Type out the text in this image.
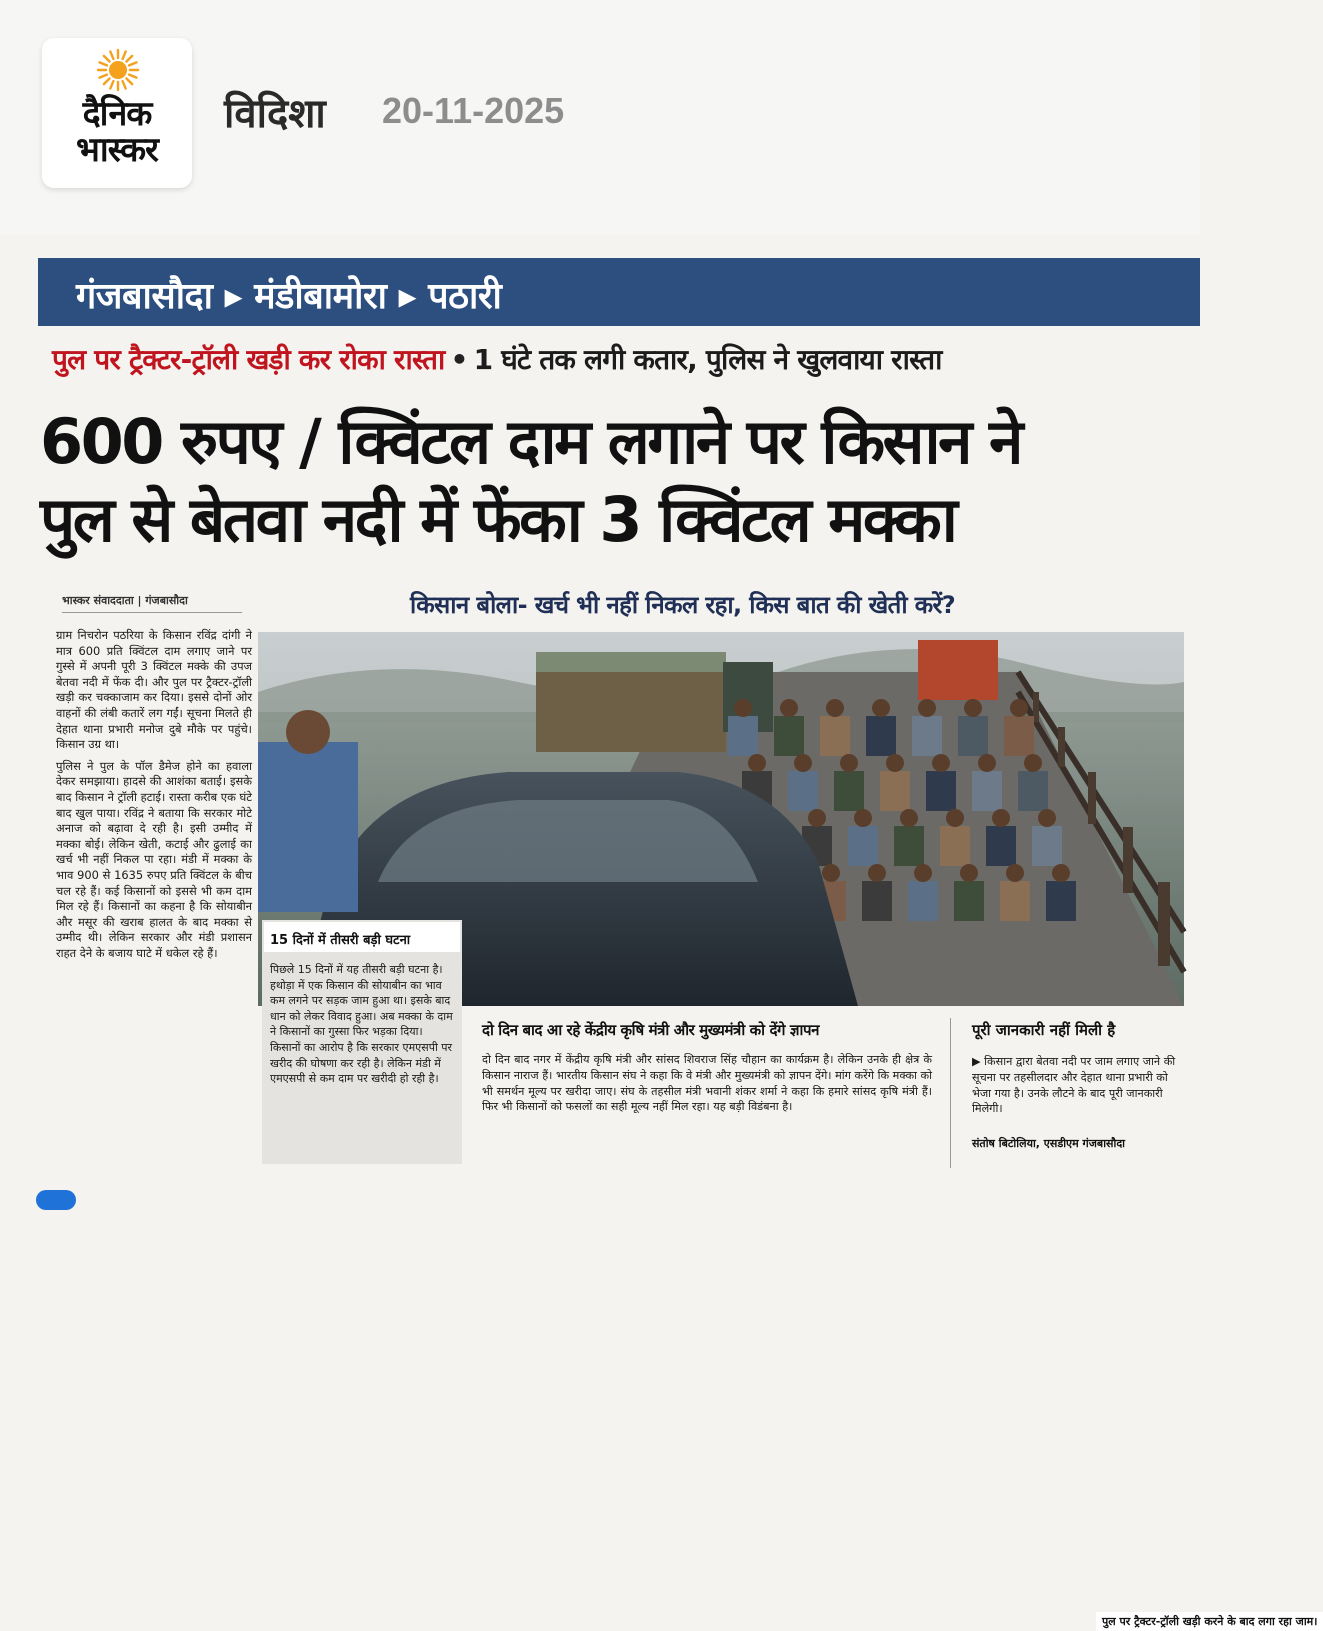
दैनिक
भास्कर
विदिशा 20-11-2025
गंजबासौदा ▸ मंडीबामोरा ▸ पठारी
पुल पर ट्रैक्टर-ट्रॉली खड़ी कर रोका रास्ता • 1 घंटे तक लगी कतार, पुलिस ने खुलवाया रास्ता
600 रुपए / क्विंटल दाम लगाने पर किसान ने
पुल से बेतवा नदी में फेंका 3 क्विंटल मक्का
किसान बोला- खर्च भी नहीं निकल रहा, किस बात की खेती करें?
भास्कर संवाददाता | गंजबासौदा

ग्राम निचरोन पठरिया के किसान रविंद्र दांगी ने मात्र 600 प्रति क्विंटल दाम लगाए जाने पर गुस्से में अपनी पूरी 3 क्विंटल मक्के की उपज बेतवा नदी में फेंक दी। और पुल पर ट्रैक्टर-ट्रॉली खड़ी कर चक्काजाम कर दिया। इससे दोनों ओर वाहनों की लंबी कतारें लग गईं। सूचना मिलते ही देहात थाना प्रभारी मनोज दुबे मौके पर पहुंचे। किसान उग्र था।

पुलिस ने पुल के पॉल डैमेज होने का हवाला देकर समझाया। हादसे की आशंका बताई। इसके बाद किसान ने ट्रॉली हटाई। रास्ता करीब एक घंटे बाद खुल पाया। रविंद्र ने बताया कि सरकार मोटे अनाज को बढ़ावा दे रही है। इसी उम्मीद में मक्का बोई। लेकिन खेती, कटाई और ढुलाई का खर्च भी नहीं निकल पा रहा। मंडी में मक्का के भाव 900 से 1635 रुपए प्रति क्विंटल के बीच चल रहे हैं। कई किसानों को इससे भी कम दाम मिल रहे हैं। किसानों का कहना है कि सोयाबीन और मसूर की खराब हालत के बाद मक्का से उम्मीद थी। लेकिन सरकार और मंडी प्रशासन राहत देने के बजाय घाटे में धकेल रहे हैं।

पुल पर ट्रैक्टर-ट्रॉली खड़ी करने के बाद लगा रहा जाम।
15 दिनों में तीसरी बड़ी घटना
पिछले 15 दिनों में यह तीसरी बड़ी घटना है। हथोड़ा में एक किसान की सोयाबीन का भाव कम लगने पर सड़क जाम हुआ था। इसके बाद धान को लेकर विवाद हुआ। अब मक्का के दाम ने किसानों का गुस्सा फिर भड़का दिया। किसानों का आरोप है कि सरकार एमएसपी पर खरीद की घोषणा कर रही है। लेकिन मंडी में एमएसपी से कम दाम पर खरीदी हो रही है।
दो दिन बाद आ रहे केंद्रीय कृषि मंत्री और मुख्यमंत्री को देंगे ज्ञापन
दो दिन बाद नगर में केंद्रीय कृषि मंत्री और सांसद शिवराज सिंह चौहान का कार्यक्रम है। लेकिन उनके ही क्षेत्र के किसान नाराज हैं। भारतीय किसान संघ ने कहा कि वे मंत्री और मुख्यमंत्री को ज्ञापन देंगे। मांग करेंगे कि मक्का को भी समर्थन मूल्य पर खरीदा जाए। संघ के तहसील मंत्री भवानी शंकर शर्मा ने कहा कि हमारे सांसद कृषि मंत्री हैं। फिर भी किसानों को फसलों का सही मूल्य नहीं मिल रहा। यह बड़ी विडंबना है।
पूरी जानकारी नहीं मिली है
▶ किसान द्वारा बेतवा नदी पर जाम लगाए जाने की सूचना पर तहसीलदार और देहात थाना प्रभारी को भेजा गया है। उनके लौटने के बाद पूरी जानकारी मिलेगी।
संतोष बिटोलिया, एसडीएम गंजबासौदा
